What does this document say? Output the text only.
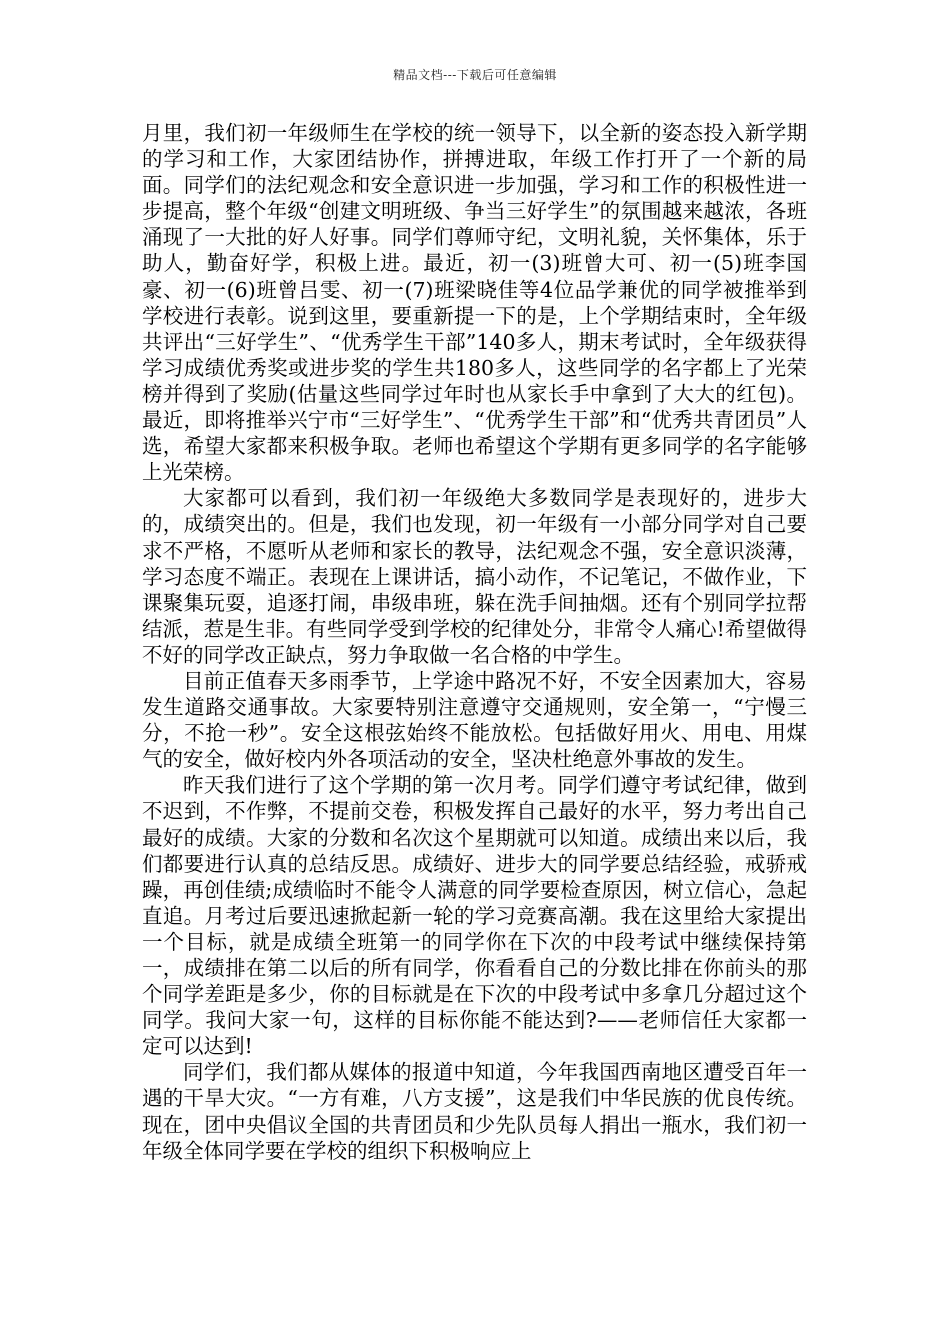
精品文档---下载后可任意编辑

月里，我们初一年级师生在学校的统一领导下，以全新的姿态投入新学期的学习和工作，大家团结协作，拼搏进取，年级工作打开了一个新的局面。同学们的法纪观念和安全意识进一步加强，学习和工作的积极性进一步提高，整个年级“创建文明班级、争当三好学生”的氛围越来越浓，各班涌现了一大批的好人好事。同学们尊师守纪，文明礼貌，关怀集体，乐于助人，勤奋好学，积极上进。最近，初一(3)班曾大可、初一(5)班李国豪、初一(6)班曾吕雯、初一(7)班梁晓佳等4位品学兼优的同学被推举到学校进行表彰。说到这里，要重新提一下的是，上个学期结束时，全年级共评出“三好学生”、“优秀学生干部”140多人，期末考试时，全年级获得学习成绩优秀奖或进步奖的学生共180多人，这些同学的名字都上了光荣榜并得到了奖励(估量这些同学过年时也从家长手中拿到了大大的红包)。最近，即将推举兴宁市“三好学生”、“优秀学生干部”和“优秀共青团员”人选，希望大家都来积极争取。老师也希望这个学期有更多同学的名字能够上光荣榜。

大家都可以看到，我们初一年级绝大多数同学是表现好的，进步大的，成绩突出的。但是，我们也发现，初一年级有一小部分同学对自己要求不严格，不愿听从老师和家长的教导，法纪观念不强，安全意识淡薄，学习态度不端正。表现在上课讲话，搞小动作，不记笔记，不做作业，下课聚集玩耍，追逐打闹，串级串班，躲在洗手间抽烟。还有个别同学拉帮结派，惹是生非。有些同学受到学校的纪律处分，非常令人痛心!希望做得不好的同学改正缺点，努力争取做一名合格的中学生。

目前正值春天多雨季节，上学途中路况不好，不安全因素加大，容易发生道路交通事故。大家要特别注意遵守交通规则，安全第一，“宁慢三分，不抢一秒”。安全这根弦始终不能放松。包括做好用火、用电、用煤气的安全，做好校内外各项活动的安全，坚决杜绝意外事故的发生。

昨天我们进行了这个学期的第一次月考。同学们遵守考试纪律，做到不迟到，不作弊，不提前交卷，积极发挥自己最好的水平，努力考出自己最好的成绩。大家的分数和名次这个星期就可以知道。成绩出来以后，我们都要进行认真的总结反思。成绩好、进步大的同学要总结经验，戒骄戒躁，再创佳绩;成绩临时不能令人满意的同学要检查原因，树立信心，急起直追。月考过后要迅速掀起新一轮的学习竞赛高潮。我在这里给大家提出一个目标，就是成绩全班第一的同学你在下次的中段考试中继续保持第一，成绩排在第二以后的所有同学，你看看自己的分数比排在你前头的那个同学差距是多少，你的目标就是在下次的中段考试中多拿几分超过这个同学。我问大家一句，这样的目标你能不能达到?——老师信任大家都一定可以达到!

同学们，我们都从媒体的报道中知道，今年我国西南地区遭受百年一遇的干旱大灾。“一方有难，八方支援”，这是我们中华民族的优良传统。现在，团中央倡议全国的共青团员和少先队员每人捐出一瓶水，我们初一年级全体同学要在学校的组织下积极响应上
